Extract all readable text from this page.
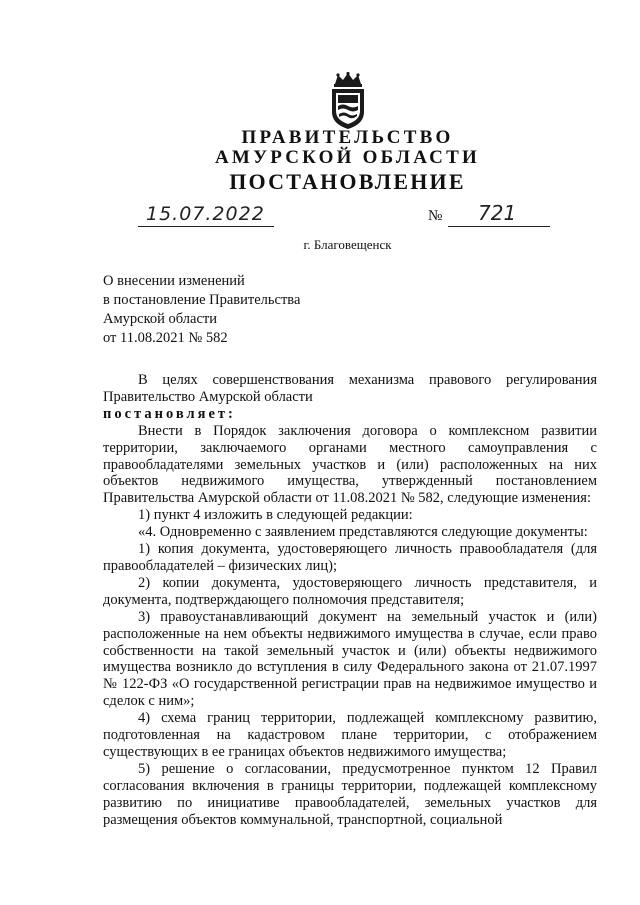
ПРАВИТЕЛЬСТВО
АМУРСКОЙ ОБЛАСТИ
ПОСТАНОВЛЕНИЕ
15.07.2022	№ 721
г. Благовещенск
О внесении изменений
в постановление Правительства
Амурской области
от 11.08.2021 № 582

В целях совершенствования механизма правового регулирования Правительство Амурской области

постановляет:

Внести в Порядок заключения договора о комплексном развитии территории, заключаемого органами местного самоуправления с правообладателями земельных участков и (или) расположенных на них объектов недвижимого имущества, утвержденный постановлением Правительства Амурской области от 11.08.2021 № 582, следующие изменения:

1) пункт 4 изложить в следующей редакции:

«4. Одновременно с заявлением представляются следующие документы:

1) копия документа, удостоверяющего личность правообладателя (для правообладателей – физических лиц);

2) копии документа, удостоверяющего личность представителя, и документа, подтверждающего полномочия представителя;

3) правоустанавливающий документ на земельный участок и (или) расположенные на нем объекты недвижимого имущества в случае, если право собственности на такой земельный участок и (или) объекты недвижимого имущества возникло до вступления в силу Федерального закона от 21.07.1997 № 122-ФЗ «О государственной регистрации прав на недвижимое имущество и сделок с ним»;

4) схема границ территории, подлежащей комплексному развитию, подготовленная на кадастровом плане территории, с отображением существующих в ее границах объектов недвижимого имущества;

5) решение о согласовании, предусмотренное пунктом 12 Правил согласования включения в границы территории, подлежащей комплексному развитию по инициативе правообладателей, земельных участков для размещения объектов коммунальной, транспортной, социальной
